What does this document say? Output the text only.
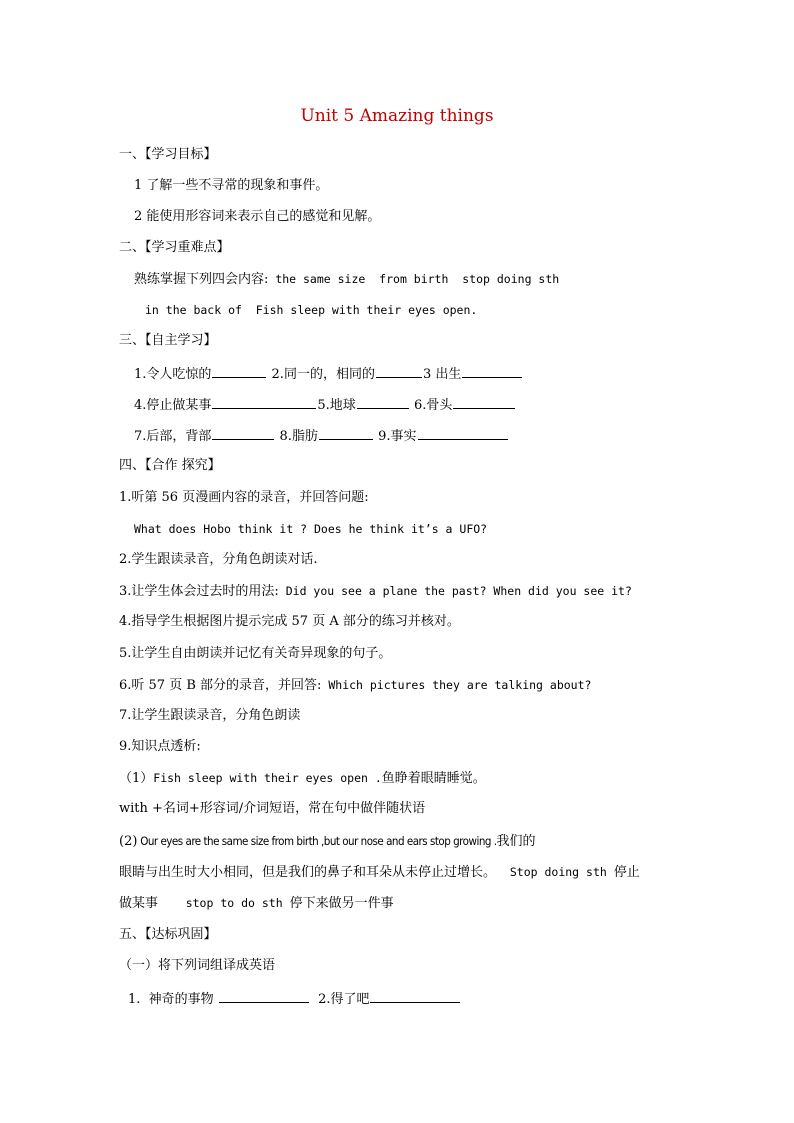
Unit 5 Amazing things
一、【学习目标】
1 了解一些不寻常的现象和事件。
2 能使用形容词来表示自己的感觉和见解。
二、【学习重难点】
熟练掌握下列四会内容: the same size  from birth  stop doing sth
in the back of  Fish sleep with their eyes open.
三、【自主学习】
1.令人吃惊的	2.同一的，相同的	3 出生
4.停止做某事	5.地球	6.骨头
7.后部，背部	8.脂肪	9.事实
四、【合作 探究】
1.听第 56 页漫画内容的录音，并回答问题:
What does Hobo think it ? Does he think it’s a UFO?
2.学生跟读录音，分角色朗读对话.
3.让学生体会过去时的用法: Did you see a plane the past? When did you see it?
4.指导学生根据图片提示完成 57 页 A 部分的练习并核对。
5.让学生自由朗读并记忆有关奇异现象的句子。
6.听 57 页 B 部分的录音，并回答: Which pictures they are talking about?
7.让学生跟读录音，分角色朗读
9.知识点透析:
（1）Fish sleep with their eyes open .鱼睁着眼睛睡觉。
with +名词+形容词/介词短语，常在句中做伴随状语
(2) Our eyes are the same size from birth ,but our nose and ears stop growing .我们的
眼睛与出生时大小相同，但是我们的鼻子和耳朵从未停止过增长。  Stop doing sth 停止
做某事    stop to do sth 停下来做另一件事
五、【达标巩固】
（一）将下列词组译成英语
1.  神奇的事物	2.得了吧
